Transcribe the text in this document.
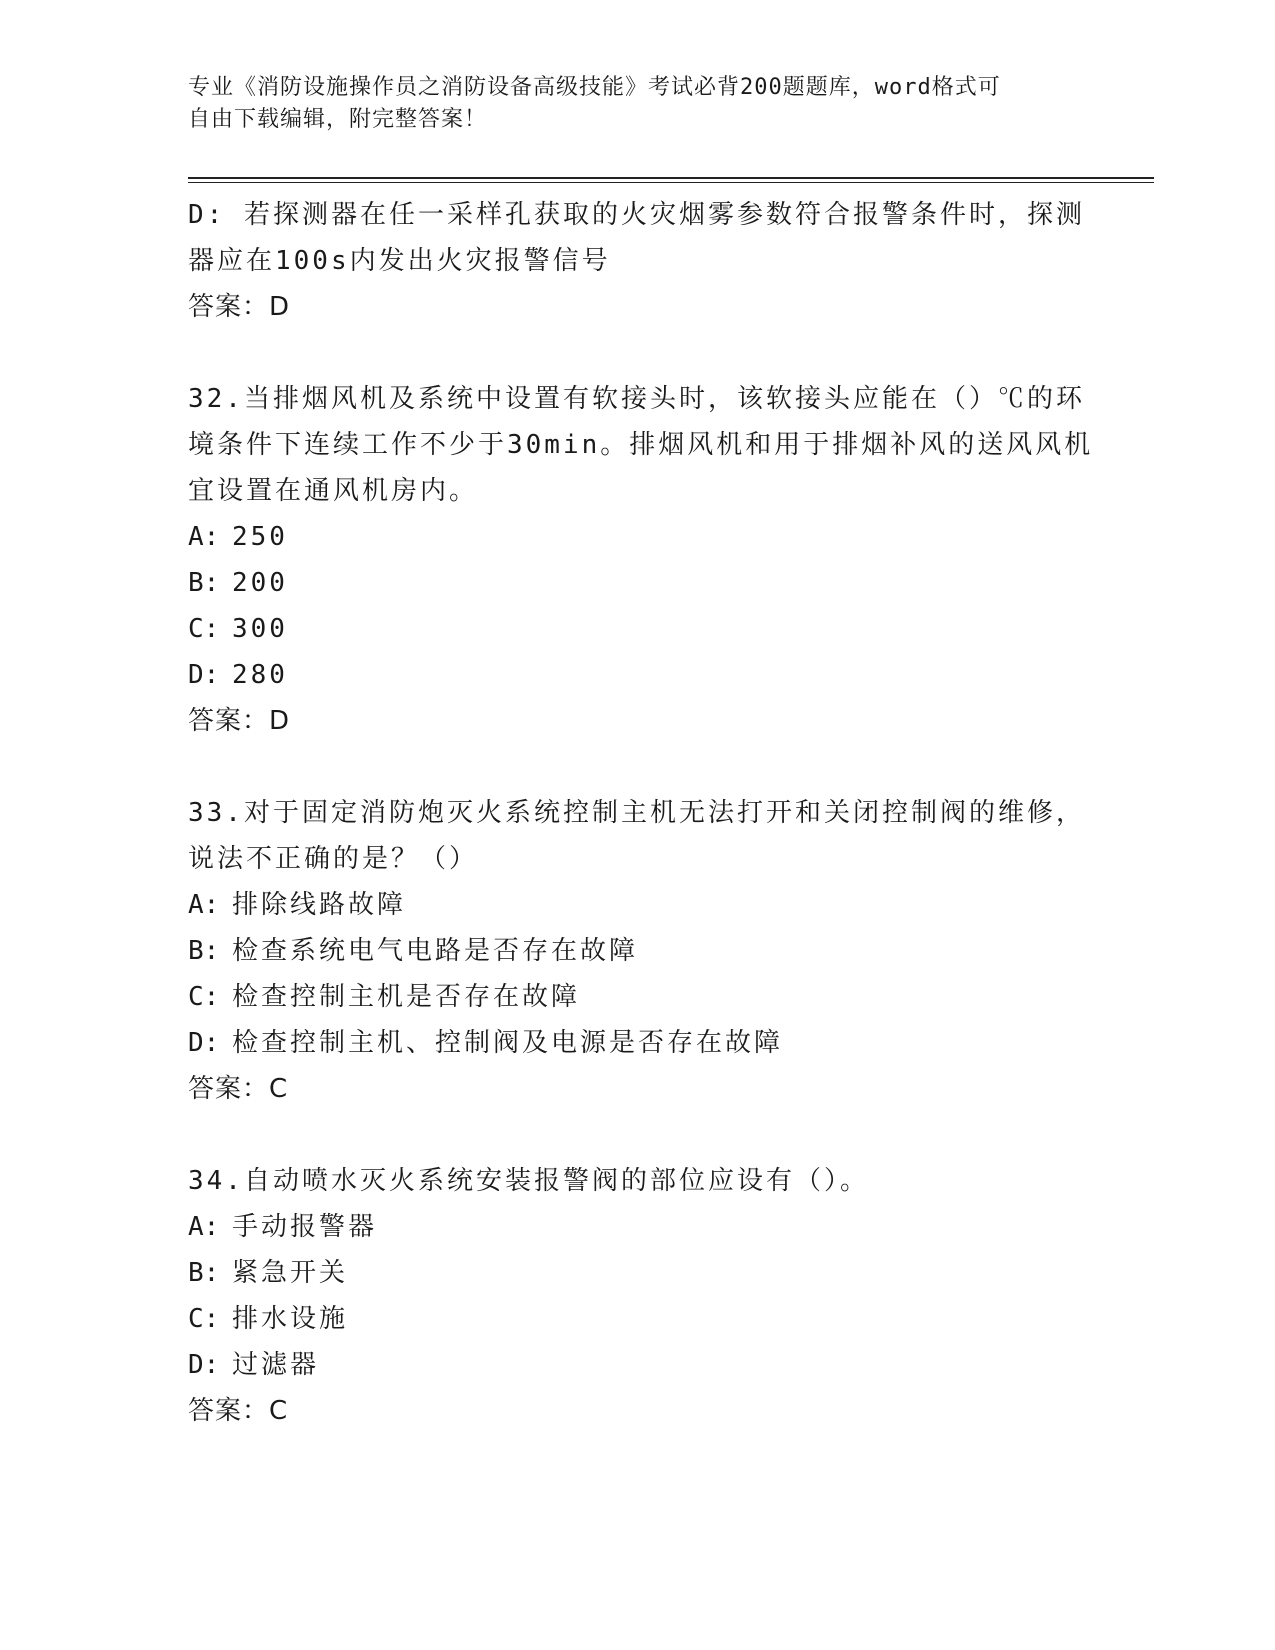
专业《消防设施操作员之消防设备高级技能》考试必背200题题库，word格式可
自由下载编辑，附完整答案！

D: 若探测器在任一采样孔获取的火灾烟雾参数符合报警条件时，探测

器应在100s内发出火灾报警信号

答案：D

32.当排烟风机及系统中设置有软接头时，该软接头应能在（）℃的环

境条件下连续工作不少于30min。排烟风机和用于排烟补风的送风风机

宜设置在通风机房内。

A: 250

B: 200

C: 300

D: 280

答案：D

33.对于固定消防炮灭火系统控制主机无法打开和关闭控制阀的维修，

说法不正确的是？（）

A: 排除线路故障

B: 检查系统电气电路是否存在故障

C: 检查控制主机是否存在故障

D: 检查控制主机、控制阀及电源是否存在故障

答案：C

34.自动喷水灭火系统安装报警阀的部位应设有（）。

A: 手动报警器

B: 紧急开关

C: 排水设施

D: 过滤器

答案：C
